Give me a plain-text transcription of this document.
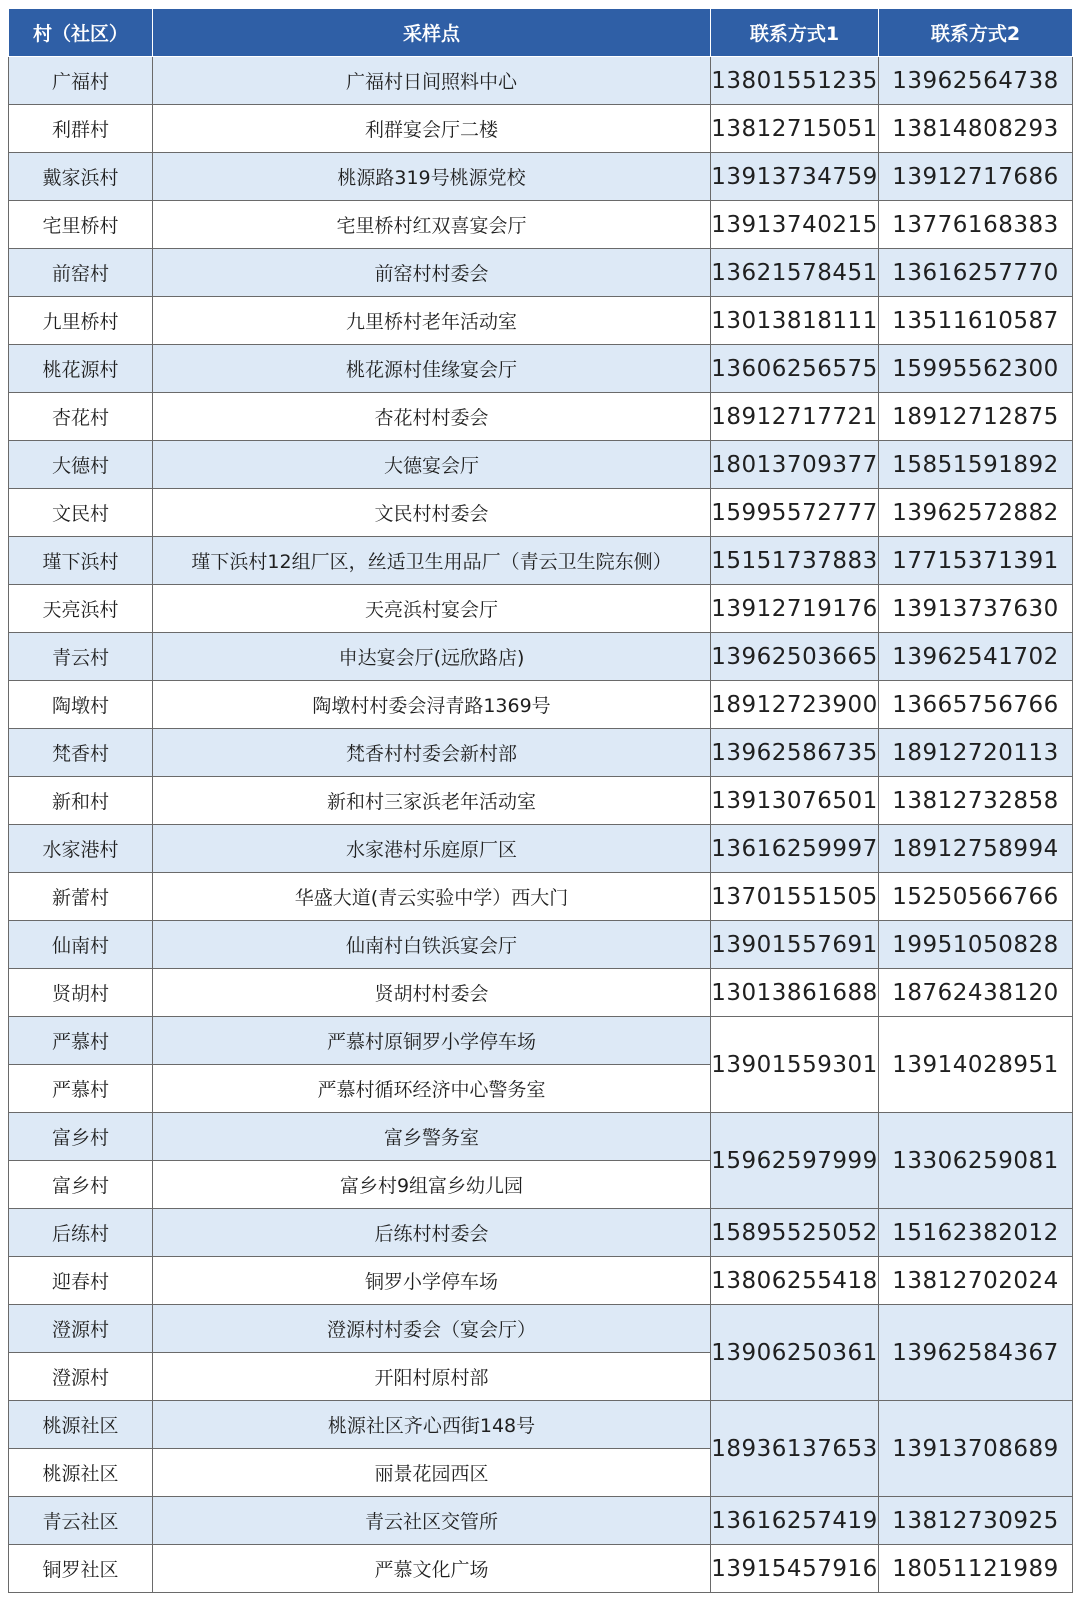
村（社区）	采样点	联系方式1	联系方式2
广福村	广福村日间照料中心	13801551235	13962564738
利群村	利群宴会厅二楼	13812715051	13814808293
戴家浜村	桃源路319号桃源党校	13913734759	13912717686
宅里桥村	宅里桥村红双喜宴会厅	13913740215	13776168383
前窑村	前窑村村委会	13621578451	13616257770
九里桥村	九里桥村老年活动室	13013818111	13511610587
桃花源村	桃花源村佳缘宴会厅	13606256575	15995562300
杏花村	杏花村村委会	18912717721	18912712875
大德村	大德宴会厅	18013709377	15851591892
文民村	文民村村委会	15995572777	13962572882
瑾下浜村	瑾下浜村12组厂区，丝适卫生用品厂（青云卫生院东侧）	15151737883	17715371391
天亮浜村	天亮浜村宴会厅	13912719176	13913737630
青云村	申达宴会厅(远欣路店)	13962503665	13962541702
陶墩村	陶墩村村委会浔青路1369号	18912723900	13665756766
梵香村	梵香村村委会新村部	13962586735	18912720113
新和村	新和村三家浜老年活动室	13913076501	13812732858
水家港村	水家港村乐庭原厂区	13616259997	18912758994
新蕾村	华盛大道(青云实验中学）西大门	13701551505	15250566766
仙南村	仙南村白铁浜宴会厅	13901557691	19951050828
贤胡村	贤胡村村委会	13013861688	18762438120
严慕村	严慕村原铜罗小学停车场	13901559301	13914028951
严慕村	严慕村循环经济中心警务室		
富乡村	富乡警务室	15962597999	13306259081
富乡村	富乡村9组富乡幼儿园		
后练村	后练村村委会	15895525052	15162382012
迎春村	铜罗小学停车场	13806255418	13812702024
澄源村	澄源村村委会（宴会厅）	13906250361	13962584367
澄源村	开阳村原村部		
桃源社区	桃源社区齐心西街148号	18936137653	13913708689
桃源社区	丽景花园西区		
青云社区	青云社区交管所	13616257419	13812730925
铜罗社区	严慕文化广场	13915457916	18051121989
